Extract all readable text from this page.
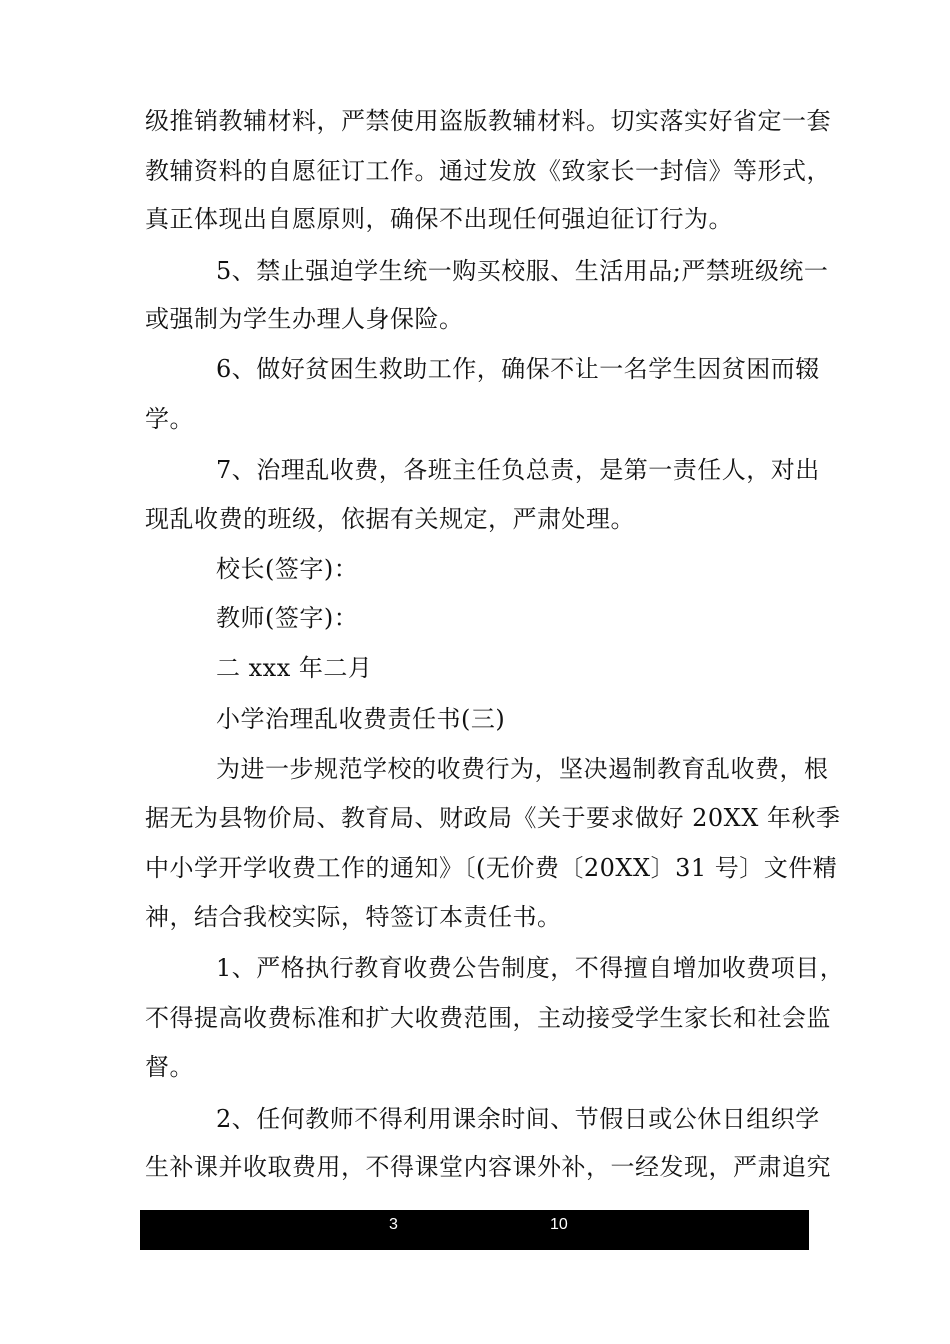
级推销教辅材料，严禁使用盗版教辅材料。切实落实好省定一套
教辅资料的自愿征订工作。通过发放《致家长一封信》等形式，
真正体现出自愿原则，确保不出现任何强迫征订行为。
5、禁止强迫学生统一购买校服、生活用品;严禁班级统一
或强制为学生办理人身保险。
6、做好贫困生救助工作，确保不让一名学生因贫困而辍
学。
7、治理乱收费，各班主任负总责，是第一责任人，对出
现乱收费的班级，依据有关规定，严肃处理。
校长(签字)：
教师(签字)：
二 xxx 年二月
小学治理乱收费责任书(三)
为进一步规范学校的收费行为，坚决遏制教育乱收费，根
据无为县物价局、教育局、财政局《关于要求做好 20XX 年秋季
中小学开学收费工作的通知》〔(无价费〔20XX〕31 号〕文件精
神，结合我校实际，特签订本责任书。
1、严格执行教育收费公告制度，不得擅自增加收费项目，
不得提高收费标准和扩大收费范围，主动接受学生家长和社会监
督。
2、任何教师不得利用课余时间、节假日或公休日组织学
生补课并收取费用，不得课堂内容课外补，一经发现，严肃追究
3	10
